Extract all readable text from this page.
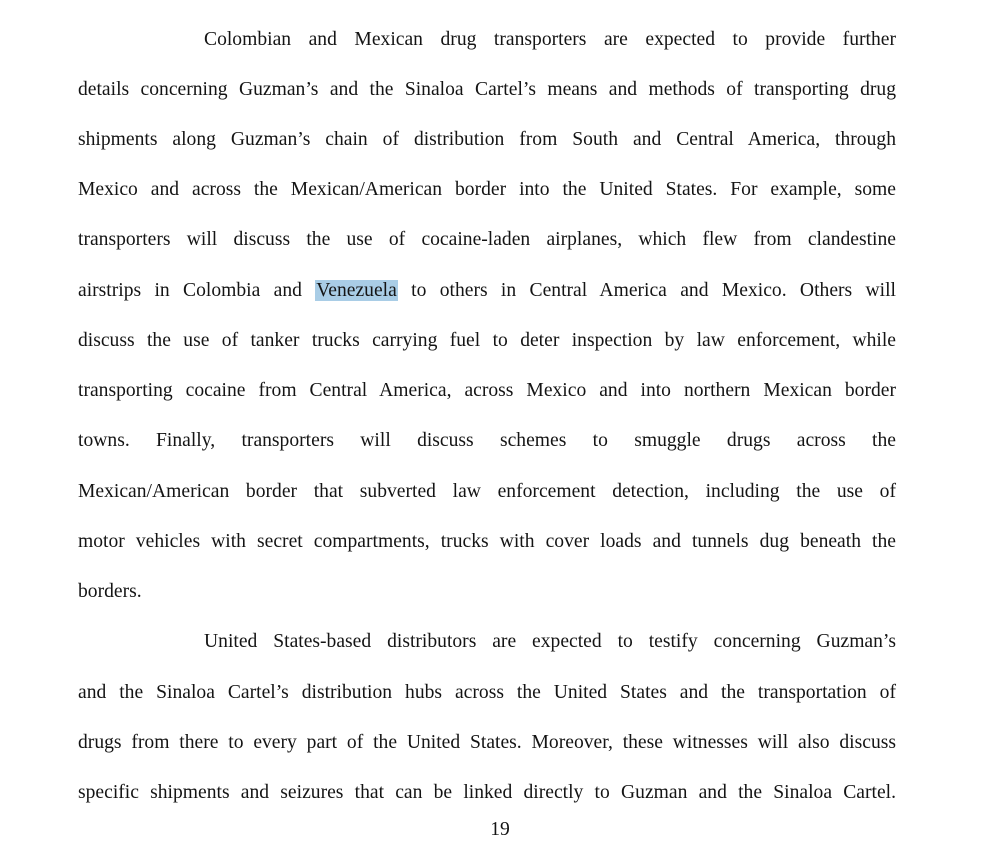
Colombian and Mexican drug transporters are expected to provide further
details concerning Guzman’s and the Sinaloa Cartel’s means and methods of transporting drug
shipments along Guzman’s chain of distribution from South and Central America, through
Mexico and across the Mexican/American border into the United States. For example, some
transporters will discuss the use of cocaine-laden airplanes, which flew from clandestine
airstrips in Colombia and Venezuela to others in Central America and Mexico. Others will
discuss the use of tanker trucks carrying fuel to deter inspection by law enforcement, while
transporting cocaine from Central America, across Mexico and into northern Mexican border
towns. Finally, transporters will discuss schemes to smuggle drugs across the
Mexican/American border that subverted law enforcement detection, including the use of
motor vehicles with secret compartments, trucks with cover loads and tunnels dug beneath the
borders.
United States-based distributors are expected to testify concerning Guzman’s
and the Sinaloa Cartel’s distribution hubs across the United States and the transportation of
drugs from there to every part of the United States. Moreover, these witnesses will also discuss
specific shipments and seizures that can be linked directly to Guzman and the Sinaloa Cartel.
19
